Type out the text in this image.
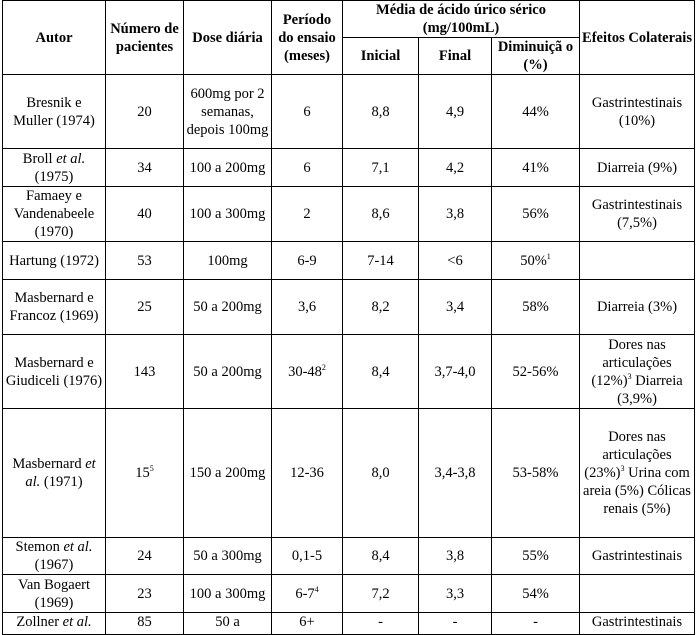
Autor	Número de pacientes	Dose diária	Período do ensaio (meses)	Média de ácido úrico sérico (mg/100mL)			Efeitos Colaterais
				Inicial	Final	Diminuiçã o (%)	
Bresnik e Muller (1974)	20	600mg por 2 semanas, depois 100mg	6	8,8	4,9	44%	Gastrintestinais (10%)
Broll et al. (1975)	34	100 a 200mg	6	7,1	4,2	41%	Diarreia (9%)
Famaey e Vandenabeele (1970)	40	100 a 300mg	2	8,6	3,8	56%	Gastrintestinais (7,5%)
Hartung (1972)	53	100mg	6-9	7-14	<6	50%$^1$	
Masbernard e Francoz (1969)	25	50 a 200mg	3,6	8,2	3,4	58%	Diarreia (3%)
Masbernard e Giudiceli (1976)	143	50 a 200mg	$30-48^2$	8,4	3,7-4,0	52-56%	Dores nas articulações $(12\%)^3$ Diarreia (3,9%)
Masbernard et al. (1971)	$15^5$	150 a 200mg	12-36	8,0	3,4-3,8	53-58%	Dores nas articulações $(23\%)^3$ Urina com areia (5%) Cólicas renais (5%)
Stemon et al. (1967)	24	50 a 300mg	0,1-5	8,4	3,8	55%	Gastrintestinais
Van Bogaert (1969)	23	100 a 300mg	$6-7^4$	7,2	3,3	54%	
Zollner et al.	85	50 a	6+	-	-	-	Gastrintestinais
